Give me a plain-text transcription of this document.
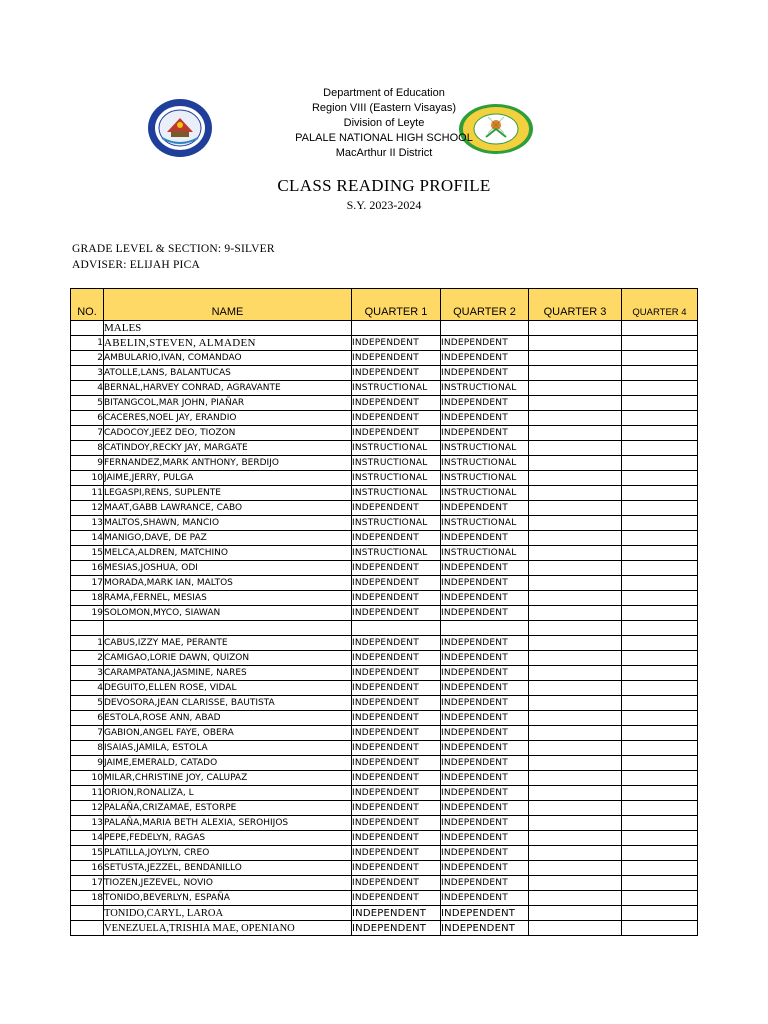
Department of Education
Region VIII (Eastern Visayas)
Division of Leyte
PALALE NATIONAL HIGH SCHOOL
MacArthur II District
CLASS READING PROFILE
S.Y. 2023-2024
GRADE LEVEL & SECTION: 9-SILVER
ADVISER: ELIJAH PICA
NO.	NAME	QUARTER 1	QUARTER 2	QUARTER 3	QUARTER 4
	MALES				
1	ABELIN,STEVEN, ALMADEN	INDEPENDENT	INDEPENDENT		
2	AMBULARIO,IVAN, COMANDAO	INDEPENDENT	INDEPENDENT		
3	ATOLLE,LANS, BALANTUCAS	INDEPENDENT	INDEPENDENT		
4	BERNAL,HARVEY CONRAD, AGRAVANTE	INSTRUCTIONAL	INSTRUCTIONAL		
5	BITANGCOL,MAR JOHN, PIAÑAR	INDEPENDENT	INDEPENDENT		
6	CACERES,NOEL JAY, ERANDIO	INDEPENDENT	INDEPENDENT		
7	CADOCOY,JEEZ DEO, TIOZON	INDEPENDENT	INDEPENDENT		
8	CATINDOY,RECKY JAY, MARGATE	INSTRUCTIONAL	INSTRUCTIONAL		
9	FERNANDEZ,MARK ANTHONY, BERDIJO	INSTRUCTIONAL	INSTRUCTIONAL		
10	JAIME,JERRY, PULGA	INSTRUCTIONAL	INSTRUCTIONAL		
11	LEGASPI,RENS, SUPLENTE	INSTRUCTIONAL	INSTRUCTIONAL		
12	MAAT,GABB LAWRANCE, CABO	INDEPENDENT	INDEPENDENT		
13	MALTOS,SHAWN, MANCIO	INSTRUCTIONAL	INSTRUCTIONAL		
14	MANIGO,DAVE, DE PAZ	INDEPENDENT	INDEPENDENT		
15	MELCA,ALDREN, MATCHINO	INSTRUCTIONAL	INSTRUCTIONAL		
16	MESIAS,JOSHUA, ODI	INDEPENDENT	INDEPENDENT		
17	MORADA,MARK IAN, MALTOS	INDEPENDENT	INDEPENDENT		
18	RAMA,FERNEL, MESIAS	INDEPENDENT	INDEPENDENT		
19	SOLOMON,MYCO, SIAWAN	INDEPENDENT	INDEPENDENT		

1	CABUS,IZZY MAE, PERANTE	INDEPENDENT	INDEPENDENT		
2	CAMIGAO,LORIE DAWN, QUIZON	INDEPENDENT	INDEPENDENT		
3	CARAMPATANA,JASMINE, NARES	INDEPENDENT	INDEPENDENT		
4	DEGUITO,ELLEN ROSE, VIDAL	INDEPENDENT	INDEPENDENT		
5	DEVOSORA,JEAN CLARISSE, BAUTISTA	INDEPENDENT	INDEPENDENT		
6	ESTOLA,ROSE ANN, ABAD	INDEPENDENT	INDEPENDENT		
7	GABION,ANGEL FAYE, OBERA	INDEPENDENT	INDEPENDENT		
8	ISAIAS,JAMILA, ESTOLA	INDEPENDENT	INDEPENDENT		
9	JAIME,EMERALD, CATADO	INDEPENDENT	INDEPENDENT		
10	MILAR,CHRISTINE JOY, CALUPAZ	INDEPENDENT	INDEPENDENT		
11	ORION,RONALIZA, L	INDEPENDENT	INDEPENDENT		
12	PALAÑA,CRIZAMAE, ESTORPE	INDEPENDENT	INDEPENDENT		
13	PALAÑA,MARIA BETH ALEXIA, SEROHIJOS	INDEPENDENT	INDEPENDENT		
14	PEPE,FEDELYN, RAGAS	INDEPENDENT	INDEPENDENT		
15	PLATILLA,JOYLYN, CREO	INDEPENDENT	INDEPENDENT		
16	SETUSTA,JEZZEL, BENDANILLO	INDEPENDENT	INDEPENDENT		
17	TIOZEN,JEZEVEL, NOVIO	INDEPENDENT	INDEPENDENT		
18	TONIDO,BEVERLYN, ESPAÑA	INDEPENDENT	INDEPENDENT		
	TONIDO,CARYL, LAROA	INDEPENDENT	INDEPENDENT		
	VENEZUELA,TRISHIA MAE, OPENIANO	INDEPENDENT	INDEPENDENT		
